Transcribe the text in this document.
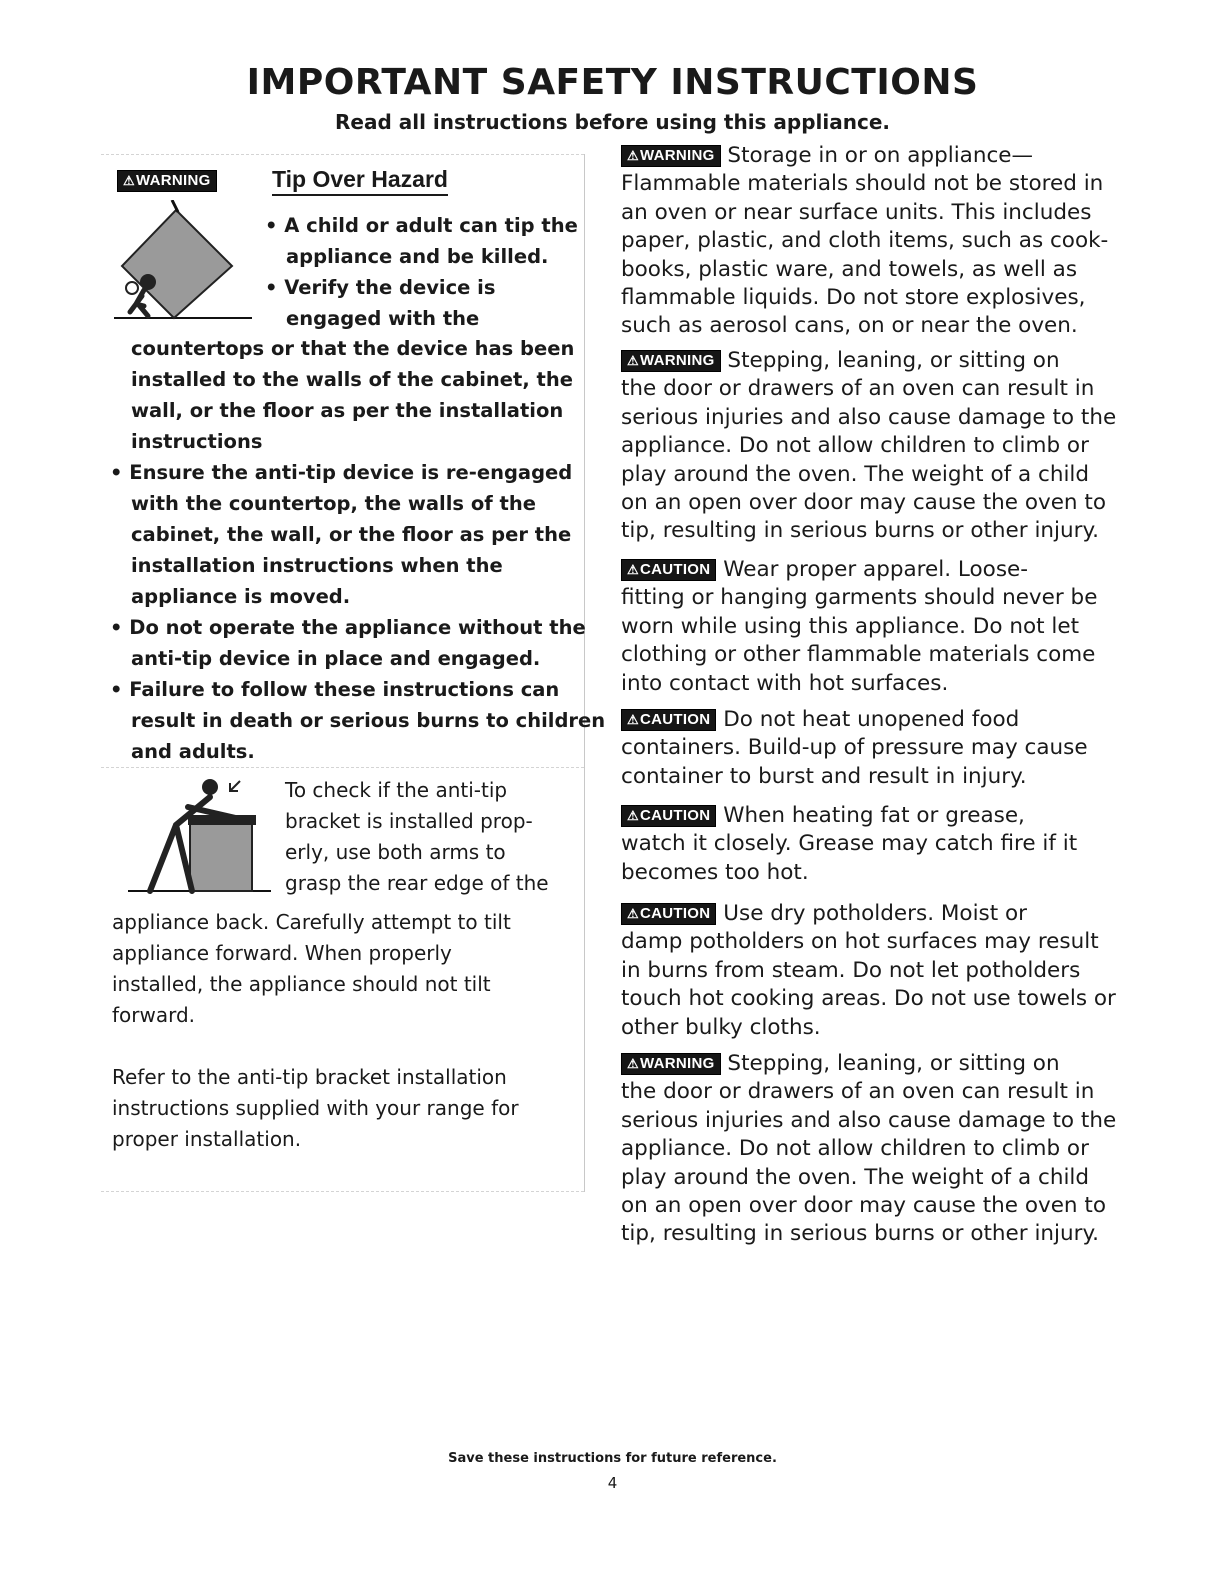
IMPORTANT SAFETY INSTRUCTIONS
Read all instructions before using this appliance.
⚠WARNING	Tip Over Hazard
• A child or adult can tip the
appliance and be killed.
• Verify the device is
engaged with the
countertops or that the device has been
installed to the walls of the cabinet, the
wall, or the floor as per the installation
instructions
• Ensure the anti-tip device is re-engaged
with the countertop, the walls of the
cabinet, the wall, or the floor as per the
installation instructions when the
appliance is moved.
• Do not operate the appliance without the
anti-tip device in place and engaged.
• Failure to follow these instructions can
result in death or serious burns to children
and adults.
To check if the anti-tip
bracket is installed prop-
erly, use both arms to
grasp the rear edge of the
appliance back. Carefully attempt to tilt
appliance forward. When properly
installed, the appliance should not tilt
forward.
Refer to the anti-tip bracket installation
instructions supplied with your range for
proper installation.
⚠WARNING Storage in or on appliance—
Flammable materials should not be stored in
an oven or near surface units. This includes
paper, plastic, and cloth items, such as cook-
books, plastic ware, and towels, as well as
flammable liquids. Do not store explosives,
such as aerosol cans, on or near the oven.
⚠WARNING Stepping, leaning, or sitting on
the door or drawers of an oven can result in
serious injuries and also cause damage to the
appliance. Do not allow children to climb or
play around the oven. The weight of a child
on an open over door may cause the oven to
tip, resulting in serious burns or other injury.
⚠CAUTION Wear proper apparel. Loose-
fitting or hanging garments should never be
worn while using this appliance. Do not let
clothing or other flammable materials come
into contact with hot surfaces.
⚠CAUTION Do not heat unopened food
containers. Build-up of pressure may cause
container to burst and result in injury.
⚠CAUTION When heating fat or grease,
watch it closely. Grease may catch fire if it
becomes too hot.
⚠CAUTION Use dry potholders. Moist or
damp potholders on hot surfaces may result
in burns from steam. Do not let potholders
touch hot cooking areas. Do not use towels or
other bulky cloths.
⚠WARNING Stepping, leaning, or sitting on
the door or drawers of an oven can result in
serious injuries and also cause damage to the
appliance. Do not allow children to climb or
play around the oven. The weight of a child
on an open over door may cause the oven to
tip, resulting in serious burns or other injury.
Save these instructions for future reference.
4
